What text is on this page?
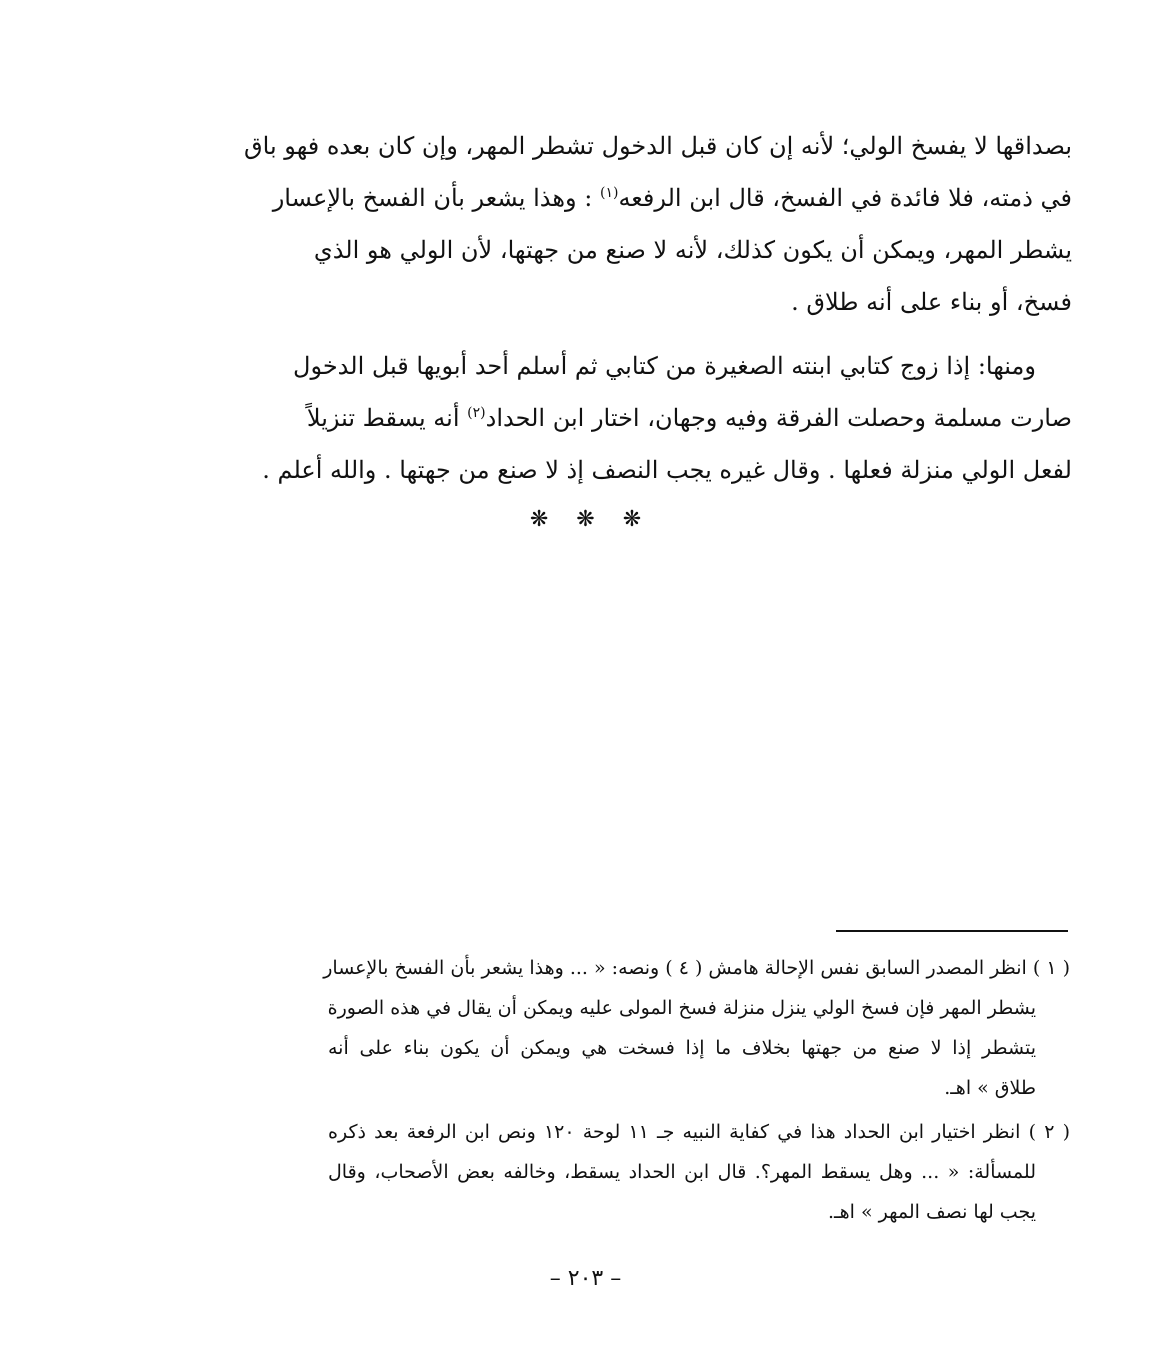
بصداقها لا يفسخ الولي؛ لأنه إن كان قبل الدخول تشطر المهر، وإن كان بعده فهو باق
في ذمته، فلا فائدة في الفسخ، قال ابن الرفعه$^{(١)}$ : وهذا يشعر بأن الفسخ بالإعسار
يشطر المهر، ويمكن أن يكون كذلك، لأنه لا صنع من جهتها، لأن الولي هو الذي
فسخ، أو بناء على أنه طلاق .
ومنها: إذا زوج كتابي ابنته الصغيرة من كتابي ثم أسلم أحد أبويها قبل الدخول
صارت مسلمة وحصلت الفرقة وفيه وجهان، اختار ابن الحداد$^{(٢)}$ أنه يسقط تنزيلاً
لفعل الولي منزلة فعلها . وقال غيره يجب النصف إذ لا صنع من جهتها . والله أعلم .
❋ ❋ ❋
( ١ ) انظر المصدر السابق نفس الإحالة هامش ( ٤ ) ونصه: « ... وهذا يشعر بأن الفسخ بالإعسار
يشطر المهر فإن فسخ الولي ينزل منزلة فسخ المولى عليه ويمكن أن يقال في هذه الصورة
يتشطر إذا لا صنع من جهتها بخلاف ما إذا فسخت هي ويمكن أن يكون بناء على أنه
طلاق » اهـ.
( ٢ ) انظر اختيار ابن الحداد هذا في كفاية النبيه جـ ١١ لوحة ١٢٠ ونص ابن الرفعة بعد ذكره
للمسألة: « ... وهل يسقط المهر؟. قال ابن الحداد يسقط، وخالفه بعض الأصحاب، وقال
يجب لها نصف المهر » اهـ.
– ٢٠٣ –
